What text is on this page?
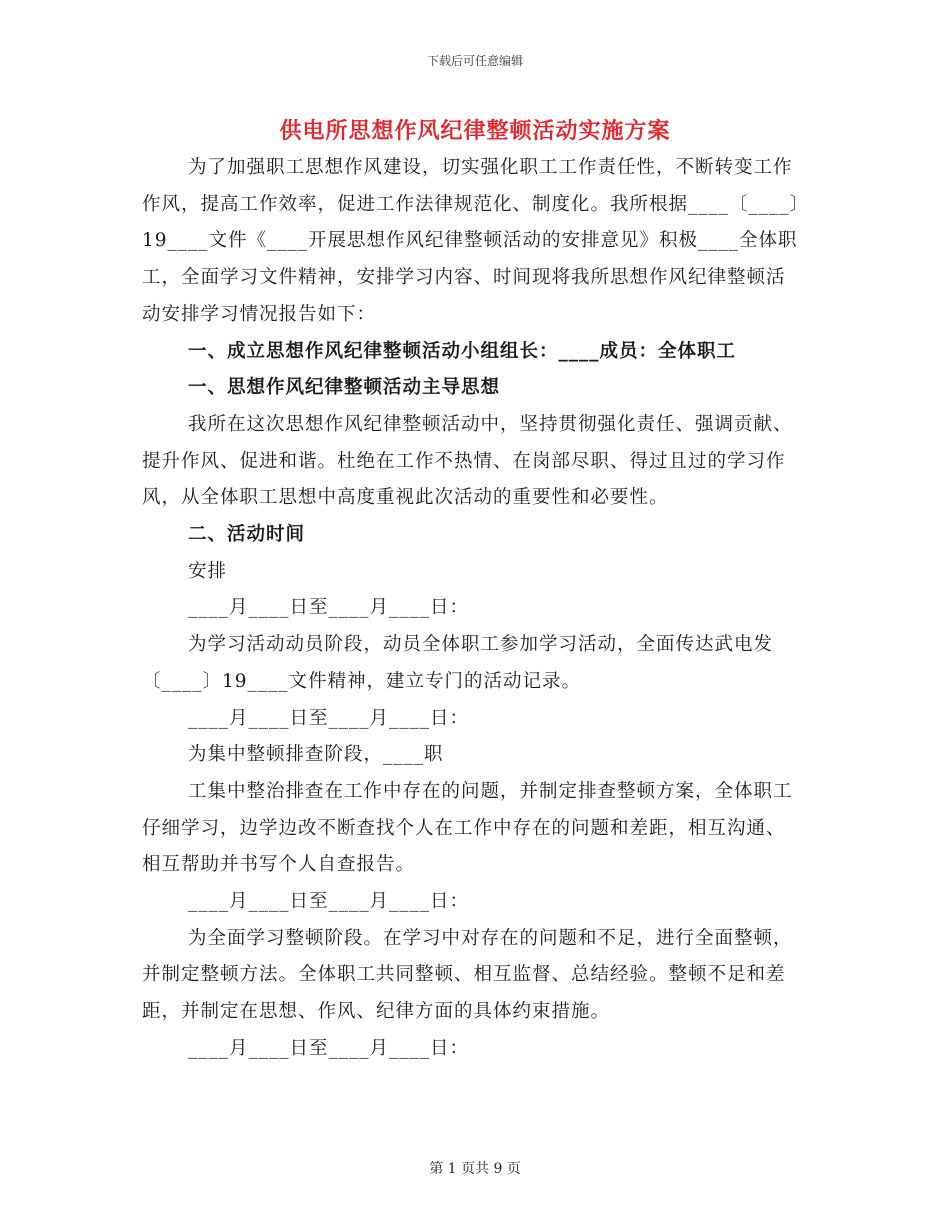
下载后可任意编辑
供电所思想作风纪律整顿活动实施方案

为了加强职工思想作风建设，切实强化职工工作责任性，不断转变工作作风，提高工作效率，促进工作法律规范化、制度化。我所根据____〔____〕19____文件《____开展思想作风纪律整顿活动的安排意见》积极____全体职工，全面学习文件精神，安排学习内容、时间现将我所思想作风纪律整顿活动安排学习情况报告如下：

一、成立思想作风纪律整顿活动小组组长：____成员：全体职工

一、思想作风纪律整顿活动主导思想

我所在这次思想作风纪律整顿活动中，坚持贯彻强化责任、强调贡献、提升作风、促进和谐。杜绝在工作不热情、在岗部尽职、得过且过的学习作风，从全体职工思想中高度重视此次活动的重要性和必要性。

二、活动时间

安排

____月____日至____月____日：

为学习活动动员阶段，动员全体职工参加学习活动，全面传达武电发〔____〕19____文件精神，建立专门的活动记录。

____月____日至____月____日：

为集中整顿排查阶段，____职

工集中整治排查在工作中存在的问题，并制定排查整顿方案，全体职工仔细学习，边学边改不断查找个人在工作中存在的问题和差距，相互沟通、相互帮助并书写个人自查报告。

____月____日至____月____日：

为全面学习整顿阶段。在学习中对存在的问题和不足，进行全面整顿，并制定整顿方法。全体职工共同整顿、相互监督、总结经验。整顿不足和差距，并制定在思想、作风、纪律方面的具体约束措施。

____月____日至____月____日：

第 1 页共 9 页
